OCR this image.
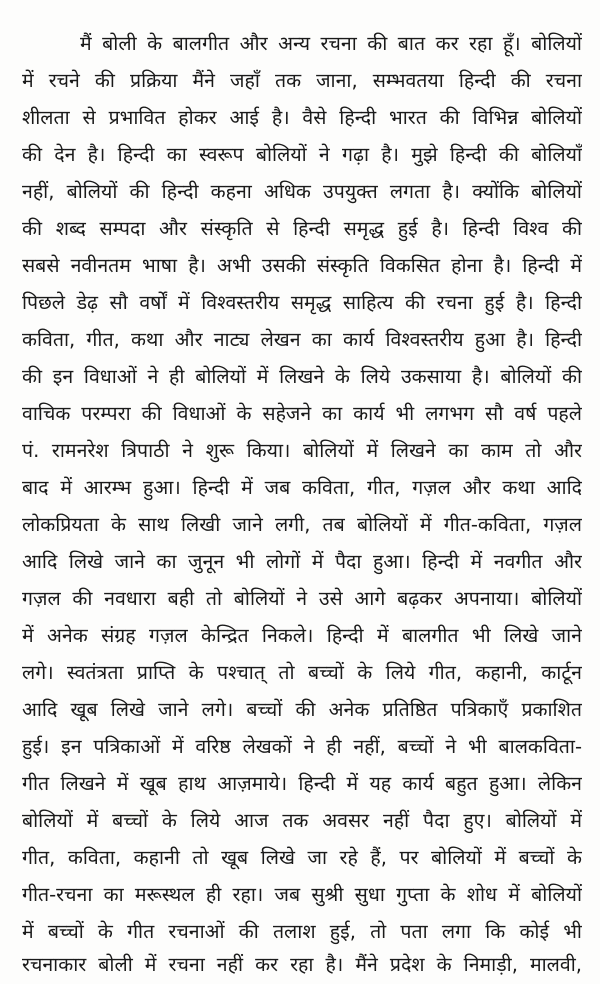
मैं बोली के बालगीत और अन्य रचना की बात कर रहा हूँ। बोलियों
में रचने की प्रक्रिया मैंने जहाँ तक जाना, सम्भवतया हिन्दी की रचना
शीलता से प्रभावित होकर आई है। वैसे हिन्दी भारत की विभिन्न बोलियों
की देन है। हिन्दी का स्वरूप बोलियों ने गढ़ा है। मुझे हिन्दी की बोलियाँ
नहीं, बोलियों की हिन्दी कहना अधिक उपयुक्त लगता है। क्योंकि बोलियों
की शब्द सम्पदा और संस्कृति से हिन्दी समृद्ध हुई है। हिन्दी विश्व की
सबसे नवीनतम भाषा है। अभी उसकी संस्कृति विकसित होना है। हिन्दी में
पिछले डेढ़ सौ वर्षों में विश्वस्तरीय समृद्ध साहित्य की रचना हुई है। हिन्दी
कविता, गीत, कथा और नाट्य लेखन का कार्य विश्वस्तरीय हुआ है। हिन्दी
की इन विधाओं ने ही बोलियों में लिखने के लिये उकसाया है। बोलियों की
वाचिक परम्परा की विधाओं के सहेजने का कार्य भी लगभग सौ वर्ष पहले
पं. रामनरेश त्रिपाठी ने शुरू किया। बोलियों में लिखने का काम तो और
बाद में आरम्भ हुआ। हिन्दी में जब कविता, गीत, गज़ल और कथा आदि
लोकप्रियता के साथ लिखी जाने लगी, तब बोलियों में गीत-कविता, गज़ल
आदि लिखे जाने का जुनून भी लोगों में पैदा हुआ। हिन्दी में नवगीत और
गज़ल की नवधारा बही तो बोलियों ने उसे आगे बढ़कर अपनाया। बोलियों
में अनेक संग्रह गज़ल केन्द्रित निकले। हिन्दी में बालगीत भी लिखे जाने
लगे। स्वतंत्रता प्राप्ति के पश्चात् तो बच्चों के लिये गीत, कहानी, कार्टून
आदि खूब लिखे जाने लगे। बच्चों की अनेक प्रतिष्ठित पत्रिकाएँ प्रकाशित
हुई। इन पत्रिकाओं में वरिष्ठ लेखकों ने ही नहीं, बच्चों ने भी बालकविता-
गीत लिखने में खूब हाथ आज़माये। हिन्दी में यह कार्य बहुत हुआ। लेकिन
बोलियों में बच्चों के लिये आज तक अवसर नहीं पैदा हुए। बोलियों में
गीत, कविता, कहानी तो खूब लिखे जा रहे हैं, पर बोलियों में बच्चों के
गीत-रचना का मरूस्थल ही रहा। जब सुश्री सुधा गुप्ता के शोध में बोलियों
में बच्चों के गीत रचनाओं की तलाश हुई, तो पता लगा कि कोई भी
रचनाकार बोली में रचना नहीं कर रहा है। मैंने प्रदेश के निमाड़ी, मालवी,
